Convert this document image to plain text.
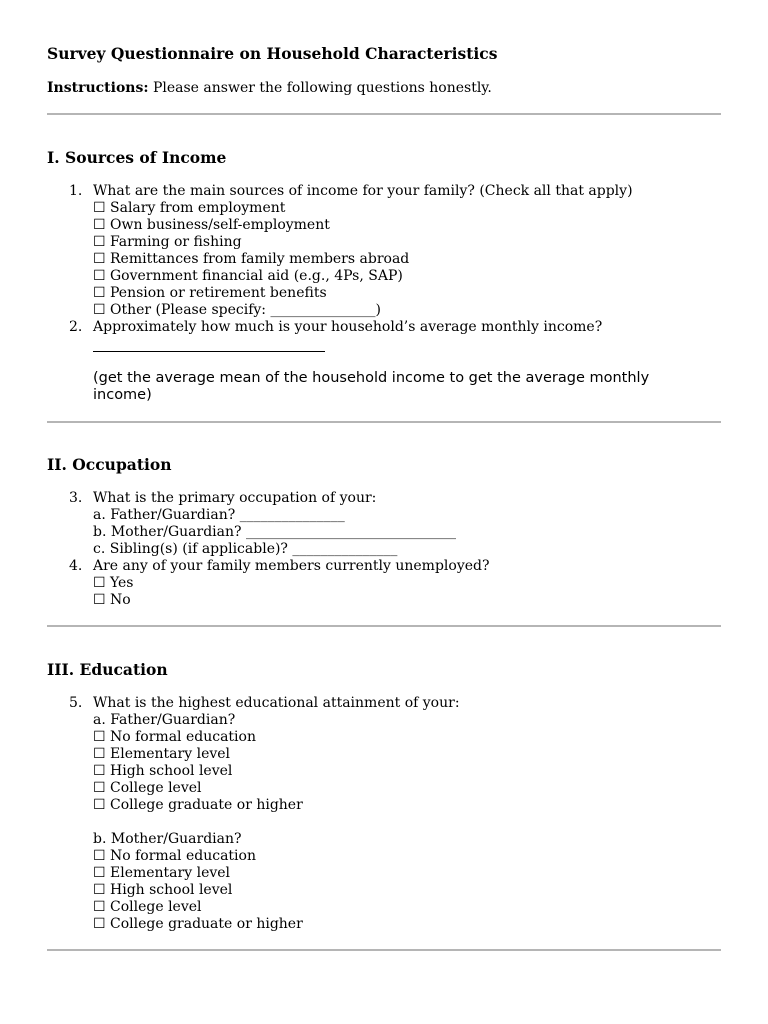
Survey Questionnaire on Household Characteristics
Instructions: Please answer the following questions honestly.
I. Sources of Income
1. What are the main sources of income for your family? (Check all that apply)
☐ Salary from employment
☐ Own business/self-employment
☐ Farming or fishing
☐ Remittances from family members abroad
☐ Government financial aid (e.g., 4Ps, SAP)
☐ Pension or retirement benefits
☐ Other (Please specify: _______________)
2. Approximately how much is your household’s average monthly income?
(get the average mean of the household income to get the average monthly income)
II. Occupation
3. What is the primary occupation of your:
a. Father/Guardian? _______________
b. Mother/Guardian? ______________________________
c. Sibling(s) (if applicable)? _______________
4. Are any of your family members currently unemployed?
☐ Yes
☐ No
III. Education
5. What is the highest educational attainment of your:
a. Father/Guardian?
☐ No formal education
☐ Elementary level
☐ High school level
☐ College level
☐ College graduate or higher
b. Mother/Guardian?
☐ No formal education
☐ Elementary level
☐ High school level
☐ College level
☐ College graduate or higher
